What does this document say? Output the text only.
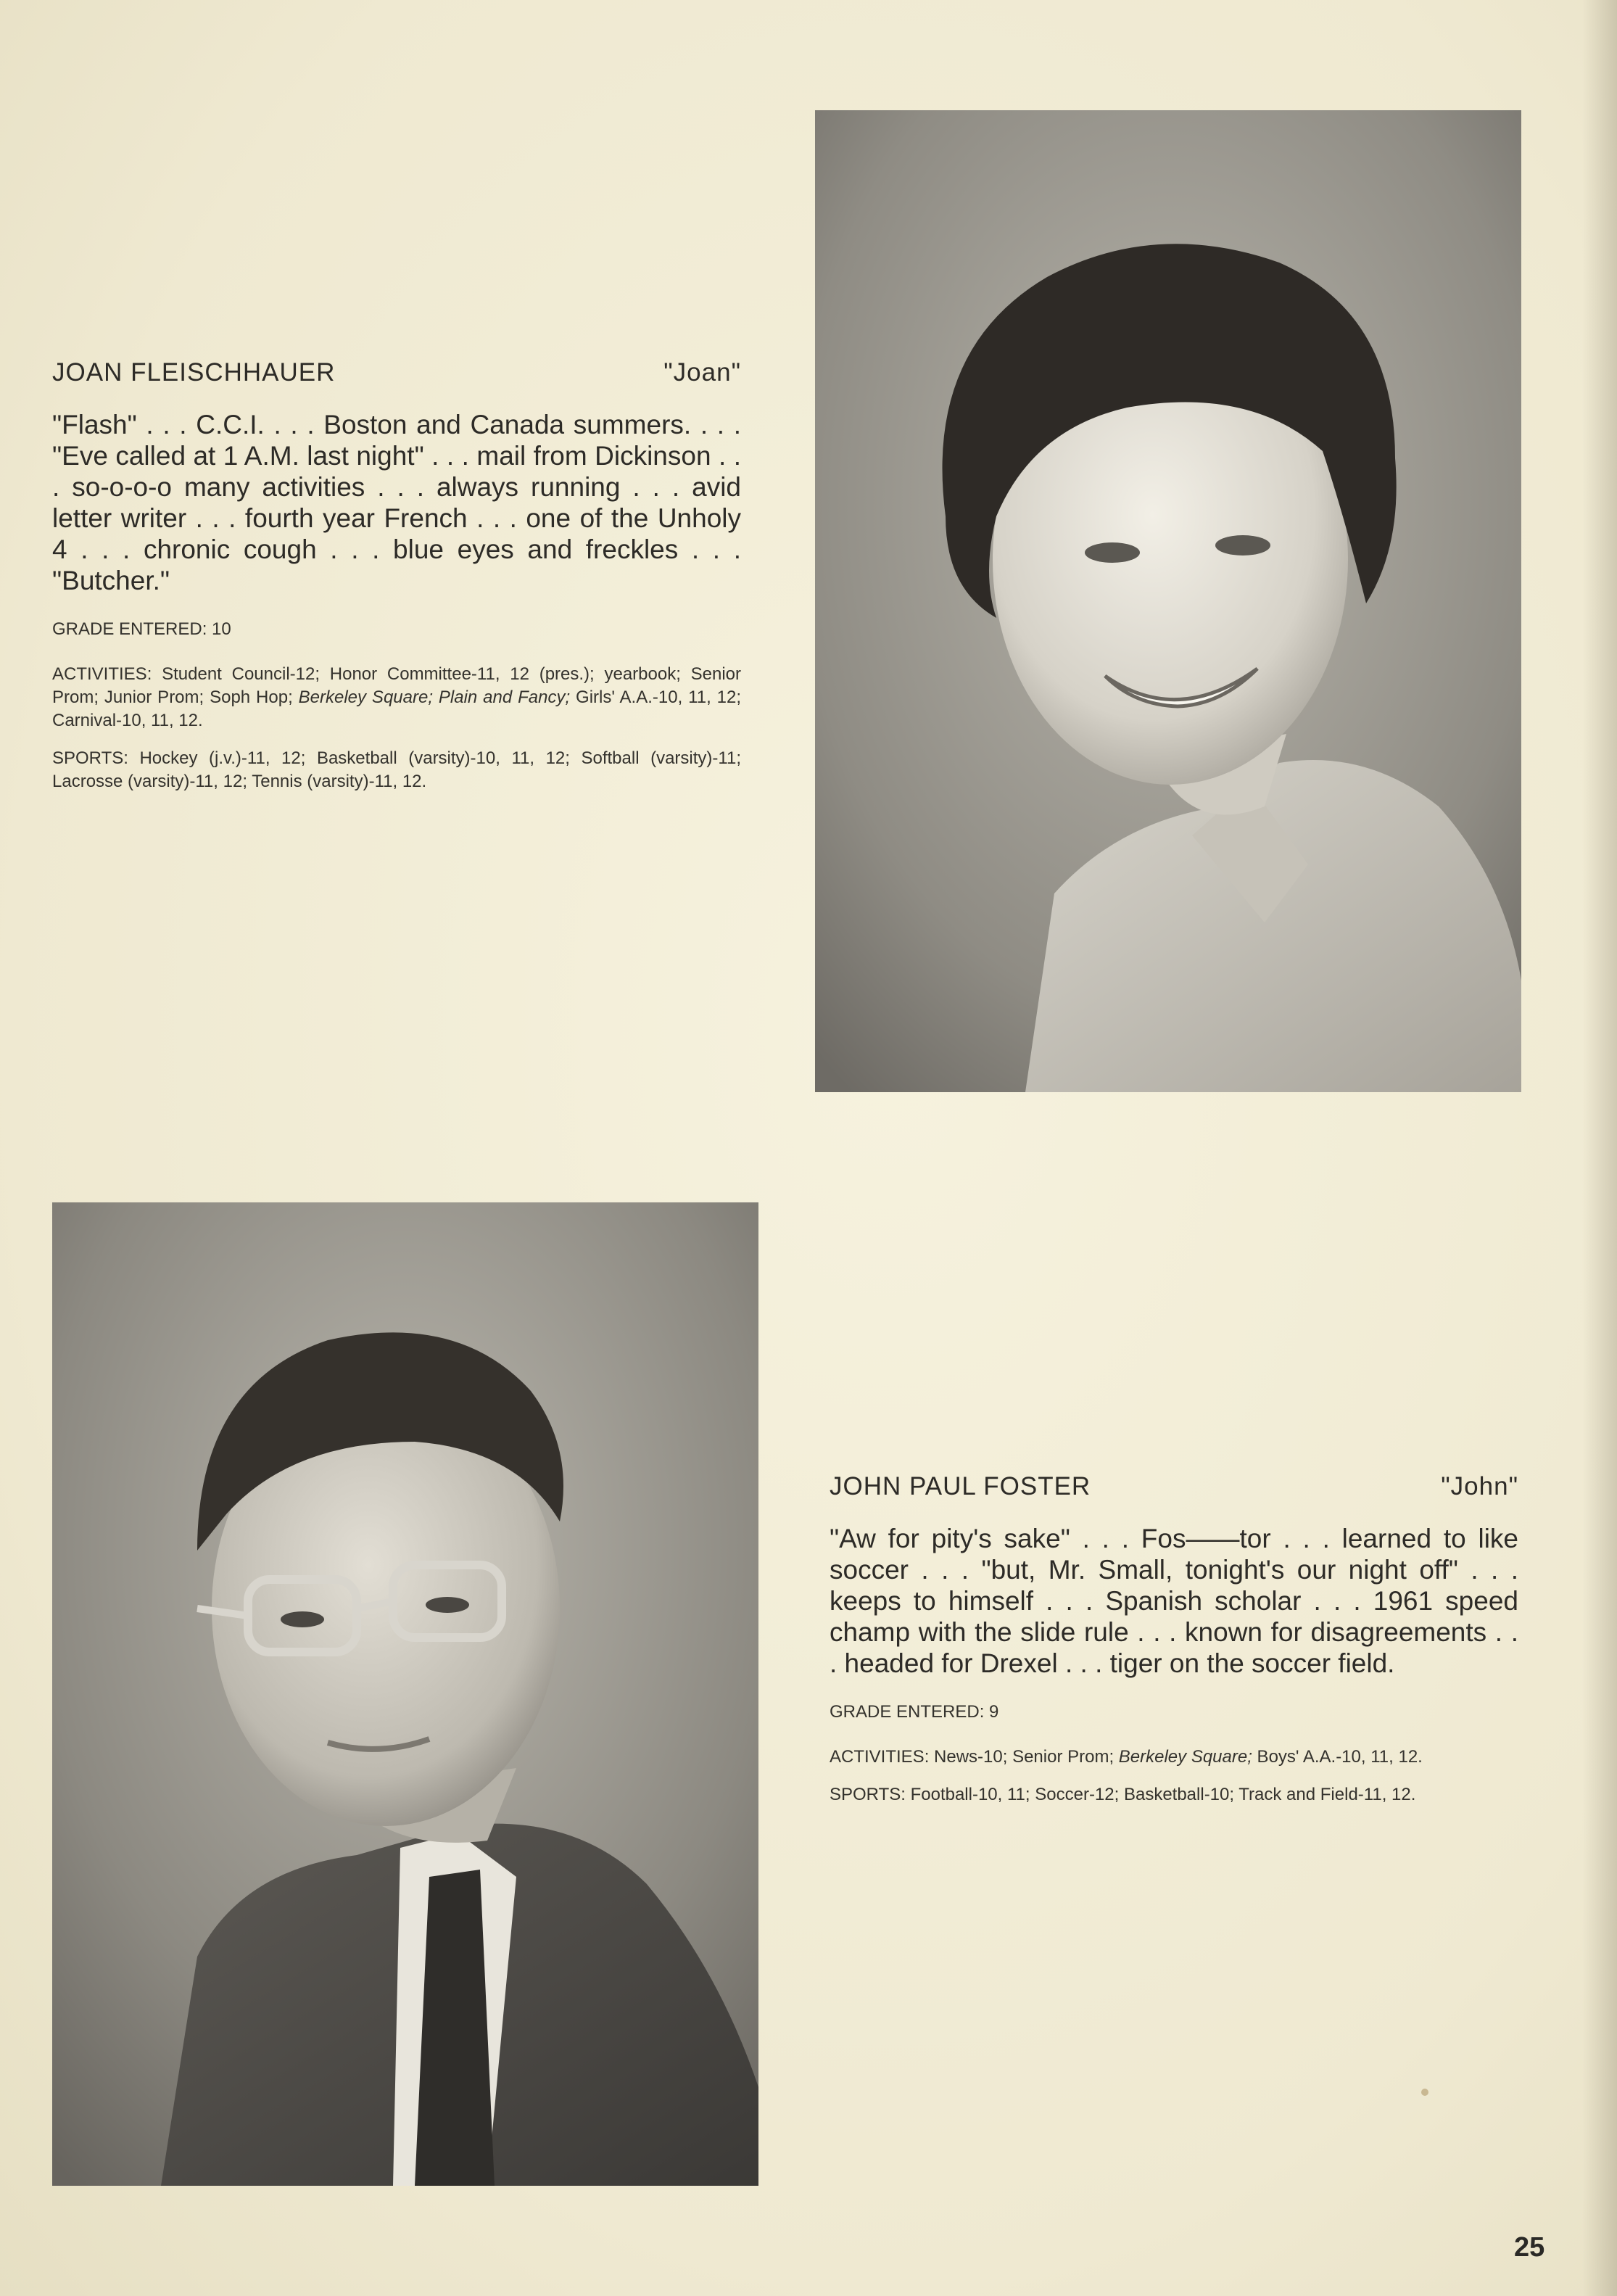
JOAN FLEISCHHAUER	"Joan"

"Flash" . . . C.C.I. . . . Boston and Canada summers. . . . "Eve called at 1 A.M. last night" . . . mail from Dickinson . . . so-o-o-o many activities . . . always running . . . avid letter writer . . . fourth year French . . . one of the Unholy 4 . . . chronic cough . . . blue eyes and freckles . . . "Butcher."

GRADE ENTERED: 10

ACTIVITIES: Student Council-12; Honor Committee-11, 12 (pres.); yearbook; Senior Prom; Junior Prom; Soph Hop; Berkeley Square; Plain and Fancy; Girls' A.A.-10, 11, 12; Carnival-10, 11, 12.

SPORTS: Hockey (j.v.)-11, 12; Basketball (varsity)-10, 11, 12; Softball (varsity)-11; Lacrosse (varsity)-11, 12; Tennis (varsity)-11, 12.

JOHN PAUL FOSTER	"John"

"Aw for pity's sake" . . . Fos——tor . . . learned to like soccer . . . "but, Mr. Small, tonight's our night off" . . . keeps to himself . . . Spanish scholar . . . 1961 speed champ with the slide rule . . . known for disagreements . . . headed for Drexel . . . tiger on the soccer field.

GRADE ENTERED: 9

ACTIVITIES: News-10; Senior Prom; Berkeley Square; Boys' A.A.-10, 11, 12.

SPORTS: Football-10, 11; Soccer-12; Basketball-10; Track and Field-11, 12.

25
